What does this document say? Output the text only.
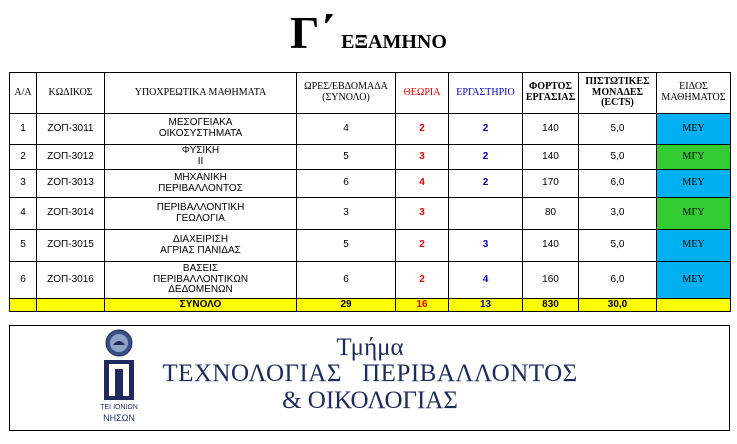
Γ΄ ΕΞΑΜΗΝΟ
Α/Α	ΚΩΔΙΚΟΣ	ΥΠΟΧΡΕΩΤΙΚΑ ΜΑΘΗΜΑΤΑ	ΩΡΕΣ/ΕΒΔΟΜΑΔΑ (ΣΥΝΟΛΟ)	ΘΕΩΡΙΑ	ΕΡΓΑΣΤΗΡΙΟ	ΦΟΡΤΟΣ ΕΡΓΑΣΙΑΣ	ΠΙΣΤΩΤΙΚΕΣ ΜΟΝΑΔΕΣ (ECTS)	ΕΙΔΟΣ ΜΑΘΗΜΑΤΟΣ
1	ΖΟΠ-3011	ΜΕΣΟΓΕΙΑΚΑ
ΟΙΚΟΣΥΣΤΗΜΑΤΑ	4	2	2	140	5,0	ΜΕΥ
2	ΖΟΠ-3012	ΦΥΣΙΚΗ
ΙΙ	5	3	2	140	5,0	ΜΓΥ
3	ΖΟΠ-3013	ΜΗΧΑΝΙΚΗ
ΠΕΡΙΒΑΛΛΟΝΤΟΣ	6	4	2	170	6,0	ΜΕΥ
4	ΖΟΠ-3014	ΠΕΡΙΒΑΛΛΟΝΤΙΚΗ
ΓΕΩΛΟΓΙΑ	3	3		80	3,0	ΜΓΥ
5	ΖΟΠ-3015	ΔΙΑΧΕΙΡΙΣΗ
ΑΓΡΙΑΣ ΠΑΝΙΔΑΣ	5	2	3	140	5,0	ΜΕΥ
6	ΖΟΠ-3016	ΒΑΣΕΙΣ
ΠΕΡΙΒΑΛΛΟΝΤΙΚΩΝ
ΔΕΔΟΜΕΝΩΝ	6	2	4	160	6,0	ΜΕΥ
		ΣΥΝΟΛΟ	29	16	13	830	30,0	
ΤΕΙ ΙΟΝΙΩΝ
ΝΗΣΩΝ
Τμήμα
ΤΕΧΝΟΛΟΓΙΑΣ   ΠΕΡΙΒΑΛΛΟΝΤΟΣ
& ΟΙΚΟΛΟΓΙΑΣ
